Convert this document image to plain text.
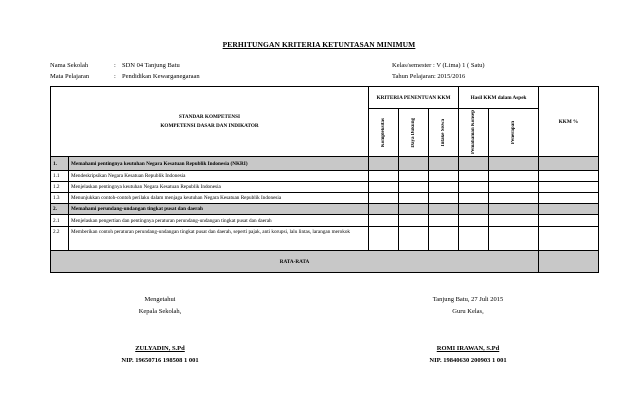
PERHITUNGAN KRITERIA KETUNTASAN MINIMUM
Nama Sekolah	: SDN 04 Tanjung Batu
Mata Pelajaran	: Pendidikan Kewarganegaraan
Kelas/semester : V (Lima) 1 ( Satu)
Tahun Pelajaran: 2015/2016
STANDAR KOMPETENSI
KOMPETENSI DASAR DAN INDIKATOR		KRITERIA PENENTUAN KKM			Hasil KKM dalam Aspek		KKM %

		Kompleksitas	Daya Dukung	Intake Siswa	Pemahaman Konsep	Penerapan	

1.	Memahami pentingnya keutuhan Negara Kesatuan Republik Indonesia (NKRI)						
1.1	Mendeskripsikan Negara Kesatuan Republik Indonesia						
1.2	Menjelaskan pentingnya keutuhan Negara Kesatuan Republik Indonesia						
1.3	Menunjukkan contoh-contoh perilaku dalam menjaga keutuhan Negara Kesatuan Republik Indonesia						
2.	Memahami perundang-undangan tingkat pusat dan daerah						
2.1	Menjelaskan pengertian dan pentingnya peraturan perundang-undangan tingkat pusat dan daerah						
2.2	Memberikan contoh peraturan perundang-undangan tingkat pusat dan daerah, seperti pajak, anti korupsi, lalu lintas, larangan merokok						
RATA-RATA							
Mengetahui
Kepala Sekolah,
ZULYADIN, S.Pd
NIP. 19650716 198508 1 001
Tanjung Batu, 27 Juli 2015
Guru Kelas,
ROMI IRAWAN, S.Pd
NIP. 19840630 200903 1 001
